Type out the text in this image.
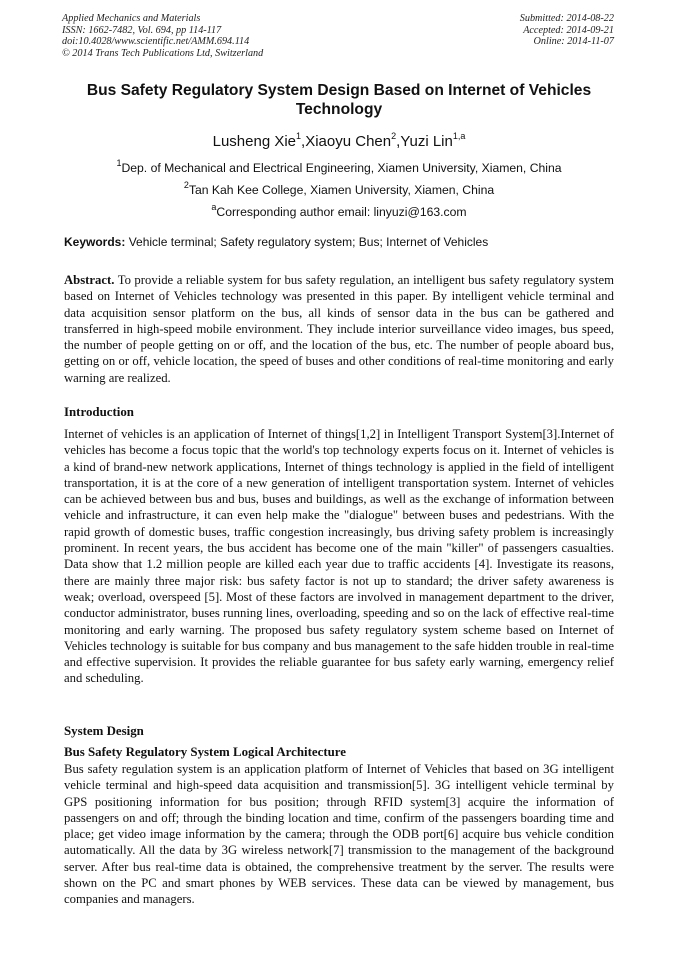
Applied Mechanics and Materials
ISSN: 1662-7482, Vol. 694, pp 114-117
doi:10.4028/www.scientific.net/AMM.694.114
© 2014 Trans Tech Publications Ltd, Switzerland
Submitted: 2014-08-22
Accepted: 2014-09-21
Online: 2014-11-07
Bus Safety Regulatory System Design Based on Internet of Vehicles Technology
Lusheng Xie$^1$,Xiaoyu Chen$^2$,Yuzi Lin$^{1,a}$
$^1$Dep. of Mechanical and Electrical Engineering, Xiamen University, Xiamen, China
$^2$Tan Kah Kee College, Xiamen University, Xiamen, China
$^a$Corresponding author email: linyuzi@163.com
Keywords: Vehicle terminal; Safety regulatory system; Bus; Internet of Vehicles
Abstract. To provide a reliable system for bus safety regulation, an intelligent bus safety regulatory system based on Internet of Vehicles technology was presented in this paper. By intelligent vehicle terminal and data acquisition sensor platform on the bus, all kinds of sensor data in the bus can be gathered and transferred in high-speed mobile environment. They include interior surveillance video images, bus speed, the number of people getting on or off, and the location of the bus, etc. The number of people aboard bus, getting on or off, vehicle location, the speed of buses and other conditions of real-time monitoring and early warning are realized.
Introduction
Internet of vehicles is an application of Internet of things[1,2] in Intelligent Transport System[3].Internet of vehicles has become a focus topic that the world's top technology experts focus on it. Internet of vehicles is a kind of brand-new network applications, Internet of things technology is applied in the field of intelligent transportation, it is at the core of a new generation of intelligent transportation system. Internet of vehicles can be achieved between bus and bus, buses and buildings, as well as the exchange of information between vehicle and infrastructure, it can even help make the "dialogue" between buses and pedestrians. With the rapid growth of domestic buses, traffic congestion increasingly, bus driving safety problem is increasingly prominent. In recent years, the bus accident has become one of the main "killer" of passengers casualties. Data show that 1.2 million people are killed each year due to traffic accidents [4]. Investigate its reasons, there are mainly three major risk: bus safety factor is not up to standard; the driver safety awareness is weak; overload, overspeed [5]. Most of these factors are involved in management department to the driver, conductor administrator, buses running lines, overloading, speeding and so on the lack of effective real-time monitoring and early warning. The proposed bus safety regulatory system scheme based on Internet of Vehicles technology is suitable for bus company and bus management to the safe hidden trouble in real-time and effective supervision. It provides the reliable guarantee for bus safety early warning, emergency relief and scheduling.
System Design
Bus Safety Regulatory System Logical Architecture
Bus safety regulation system is an application platform of Internet of Vehicles that based on 3G intelligent vehicle terminal and high-speed data acquisition and transmission[5]. 3G intelligent vehicle terminal by GPS positioning information for bus position; through RFID system[3] acquire the information of passengers on and off; through the binding location and time, confirm of the passengers boarding time and place; get video image information by the camera; through the ODB port[6] acquire bus vehicle condition automatically. All the data by 3G wireless network[7] transmission to the management of the background server. After bus real-time data is obtained, the comprehensive treatment by the server. The results were shown on the PC and smart phones by WEB services. These data can be viewed by management, bus companies and managers.
